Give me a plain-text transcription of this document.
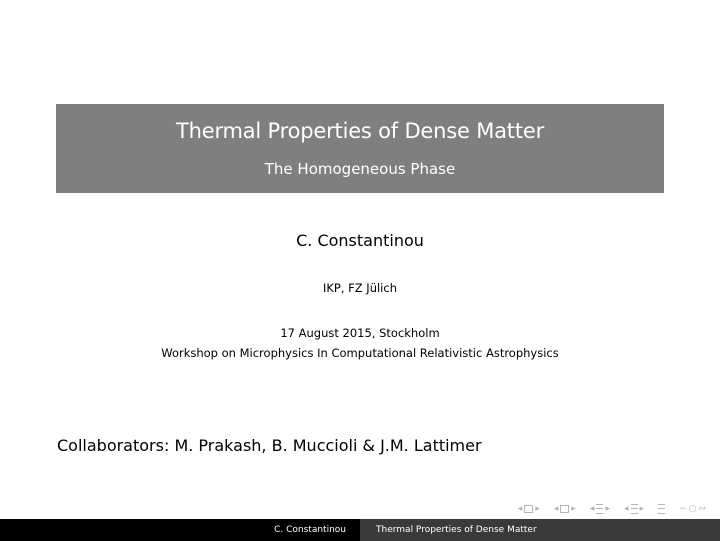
Thermal Properties of Dense Matter
The Homogeneous Phase
C. Constantinou
IKP, FZ Jülich
17 August 2015, Stockholm
Workshop on Microphysics In Computational Relativistic Astrophysics
Collaborators: M. Prakash, B. Muccioli & J.M. Lattimer
◂ ▸ ◂ ▸ ◂ ▸ ◂ ▸	∽ ○ ∾
C. Constantinou	Thermal Properties of Dense Matter
